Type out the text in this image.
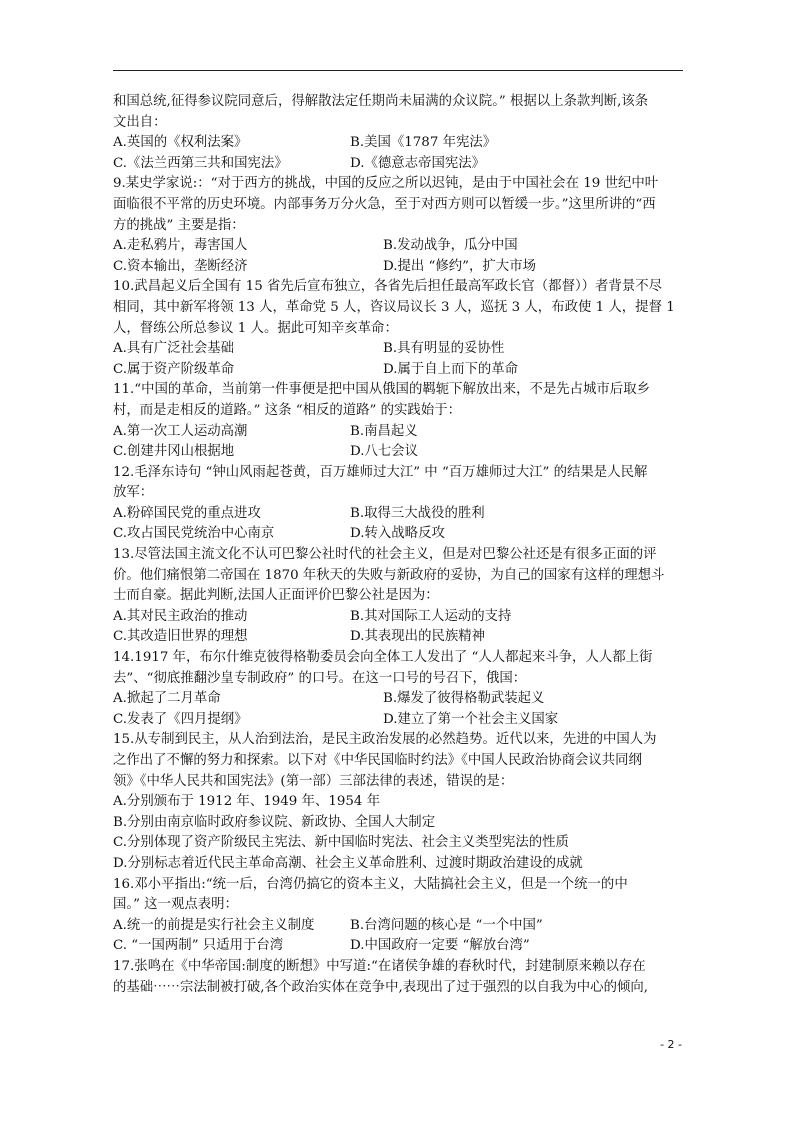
和国总统,征得参议院同意后，得解散法定任期尚未届满的众议院。” 根据以上条款判断,该条
文出自：
A.英国的《权利法案》	B.美国《1787 年宪法》
C.《法兰西第三共和国宪法》	D.《德意志帝国宪法》
9.某史学家说:：“对于西方的挑战，中国的反应之所以迟钝，是由于中国社会在 19 世纪中叶
面临很不平常的历史环境。内部事务万分火急，至于对西方则可以暂缓一步。”这里所讲的“西
方的挑战” 主要是指：
A.走私鸦片，毒害国人	B.发动战争，瓜分中国
C.资本输出，垄断经济	D.提出 “修约”，扩大市场
10.武昌起义后全国有 15 省先后宣布独立，各省先后担任最高军政长官（都督））者背景不尽
相同，其中新军将领 13 人，革命党 5 人，咨议局议长 3 人，巡抚 3 人，布政使 1 人，提督 1
人，督练公所总参议 1 人。据此可知辛亥革命：
A.具有广泛社会基础	B.具有明显的妥协性
C.属于资产阶级革命	D.属于自上而下的革命
11.“中国的革命，当前第一件事便是把中国从俄国的羁轭下解放出来，不是先占城市后取乡
村，而是走相反的道路。” 这条 “相反的道路” 的实践始于：
A.第一次工人运动高潮	B.南昌起义
C.创建井冈山根据地	D.八七会议
12.毛泽东诗句 “钟山风雨起苍黄，百万雄师过大江” 中 “百万雄师过大江” 的结果是人民解
放军：
A.粉碎国民党的重点进攻	B.取得三大战役的胜利
C.攻占国民党统治中心南京	D.转入战略反攻
13.尽管法国主流文化不认可巴黎公社时代的社会主义，但是对巴黎公社还是有很多正面的评
价。他们痛恨第二帝国在 1870 年秋天的失败与新政府的妥协，为自己的国家有这样的理想斗
士而自豪。据此判断,法国人正面评价巴黎公社是因为：
A.其对民主政治的推动	B.其对国际工人运动的支持
C.其改造旧世界的理想	D.其表现出的民族精神
14.1917 年，布尔什维克彼得格勒委员会向全体工人发出了 “人人都起来斗争，人人都上街
去”、“彻底推翻沙皇专制政府” 的口号。在这一口号的号召下，俄国：
A.掀起了二月革命	B.爆发了彼得格勒武装起义
C.发表了《四月提纲》	D.建立了第一个社会主义国家
15.从专制到民主，从人治到法治，是民主政治发展的必然趋势。近代以来，先进的中国人为
之作出了不懈的努力和探索。以下对《中华民国临时约法》《中国人民政治协商会议共同纲
领》《中华人民共和国宪法》(第一部）三部法律的表述，错误的是：
A.分别颁布于 1912 年、1949 年、1954 年
B.分别由南京临时政府参议院、新政协、全国人大制定
C.分别体现了资产阶级民主宪法、新中国临时宪法、社会主义类型宪法的性质
D.分别标志着近代民主革命高潮、社会主义革命胜利、过渡时期政治建设的成就
16.邓小平指出:“统一后，台湾仍搞它的资本主义，大陆搞社会主义，但是一个统一的中
国。” 这一观点表明：
A.统一的前提是实行社会主义制度	B.台湾问题的核心是 “一个中国”
C. “一国两制” 只适用于台湾	D.中国政府一定要 “解放台湾”
17.张鸣在《中华帝国:制度的断想》中写道:“在诸侯争雄的春秋时代，封建制原来赖以存在
的基础⋯⋯宗法制被打破,各个政治实体在竞争中,表现出了过于强烈的以自我为中心的倾向,
- 2 -
